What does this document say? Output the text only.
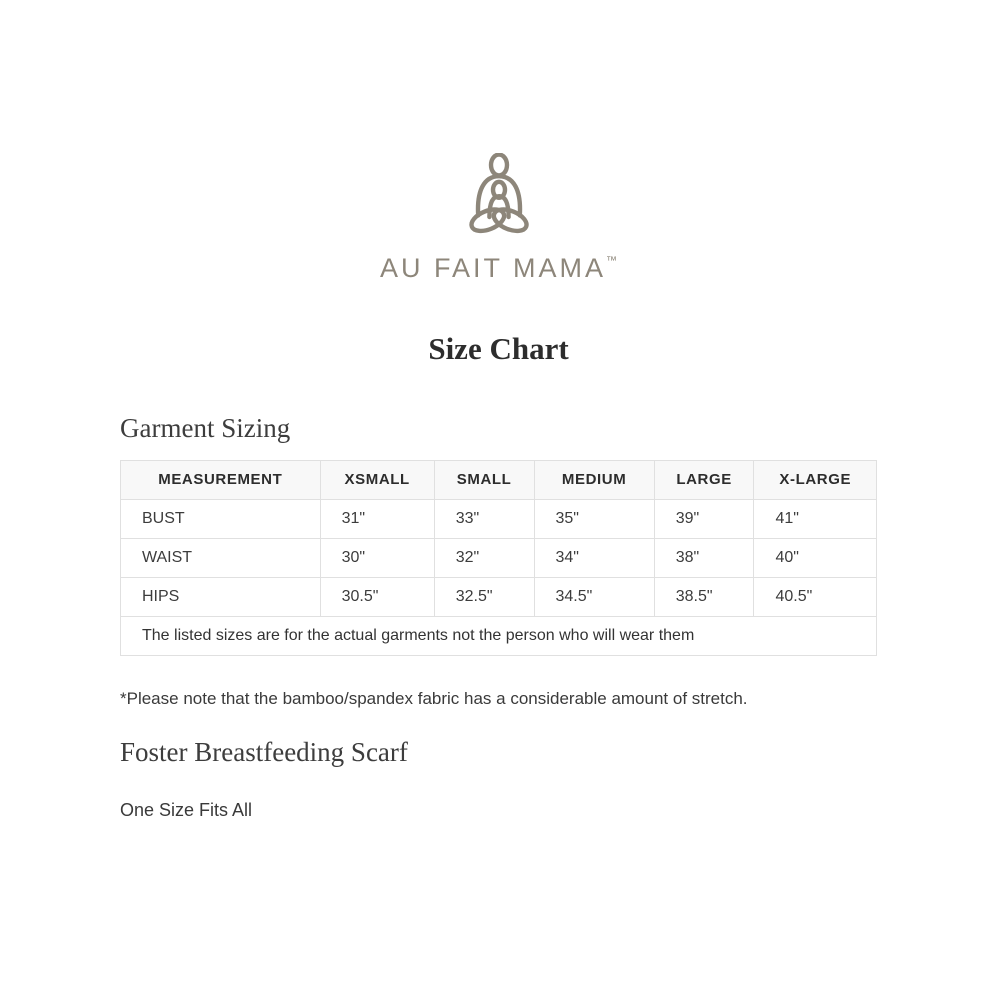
AU FAIT MAMA™
Size Chart
Garment Sizing
MEASUREMENT	XSMALL	SMALL	MEDIUM	LARGE	X-LARGE
BUST	31"	33"	35"	39"	41"
WAIST	30"	32"	34"	38"	40"
HIPS	30.5"	32.5"	34.5"	38.5"	40.5"
The listed sizes are for the actual garments not the person who will wear them					
*Please note that the bamboo/spandex fabric has a considerable amount of stretch.
Foster Breastfeeding Scarf
One Size Fits All
